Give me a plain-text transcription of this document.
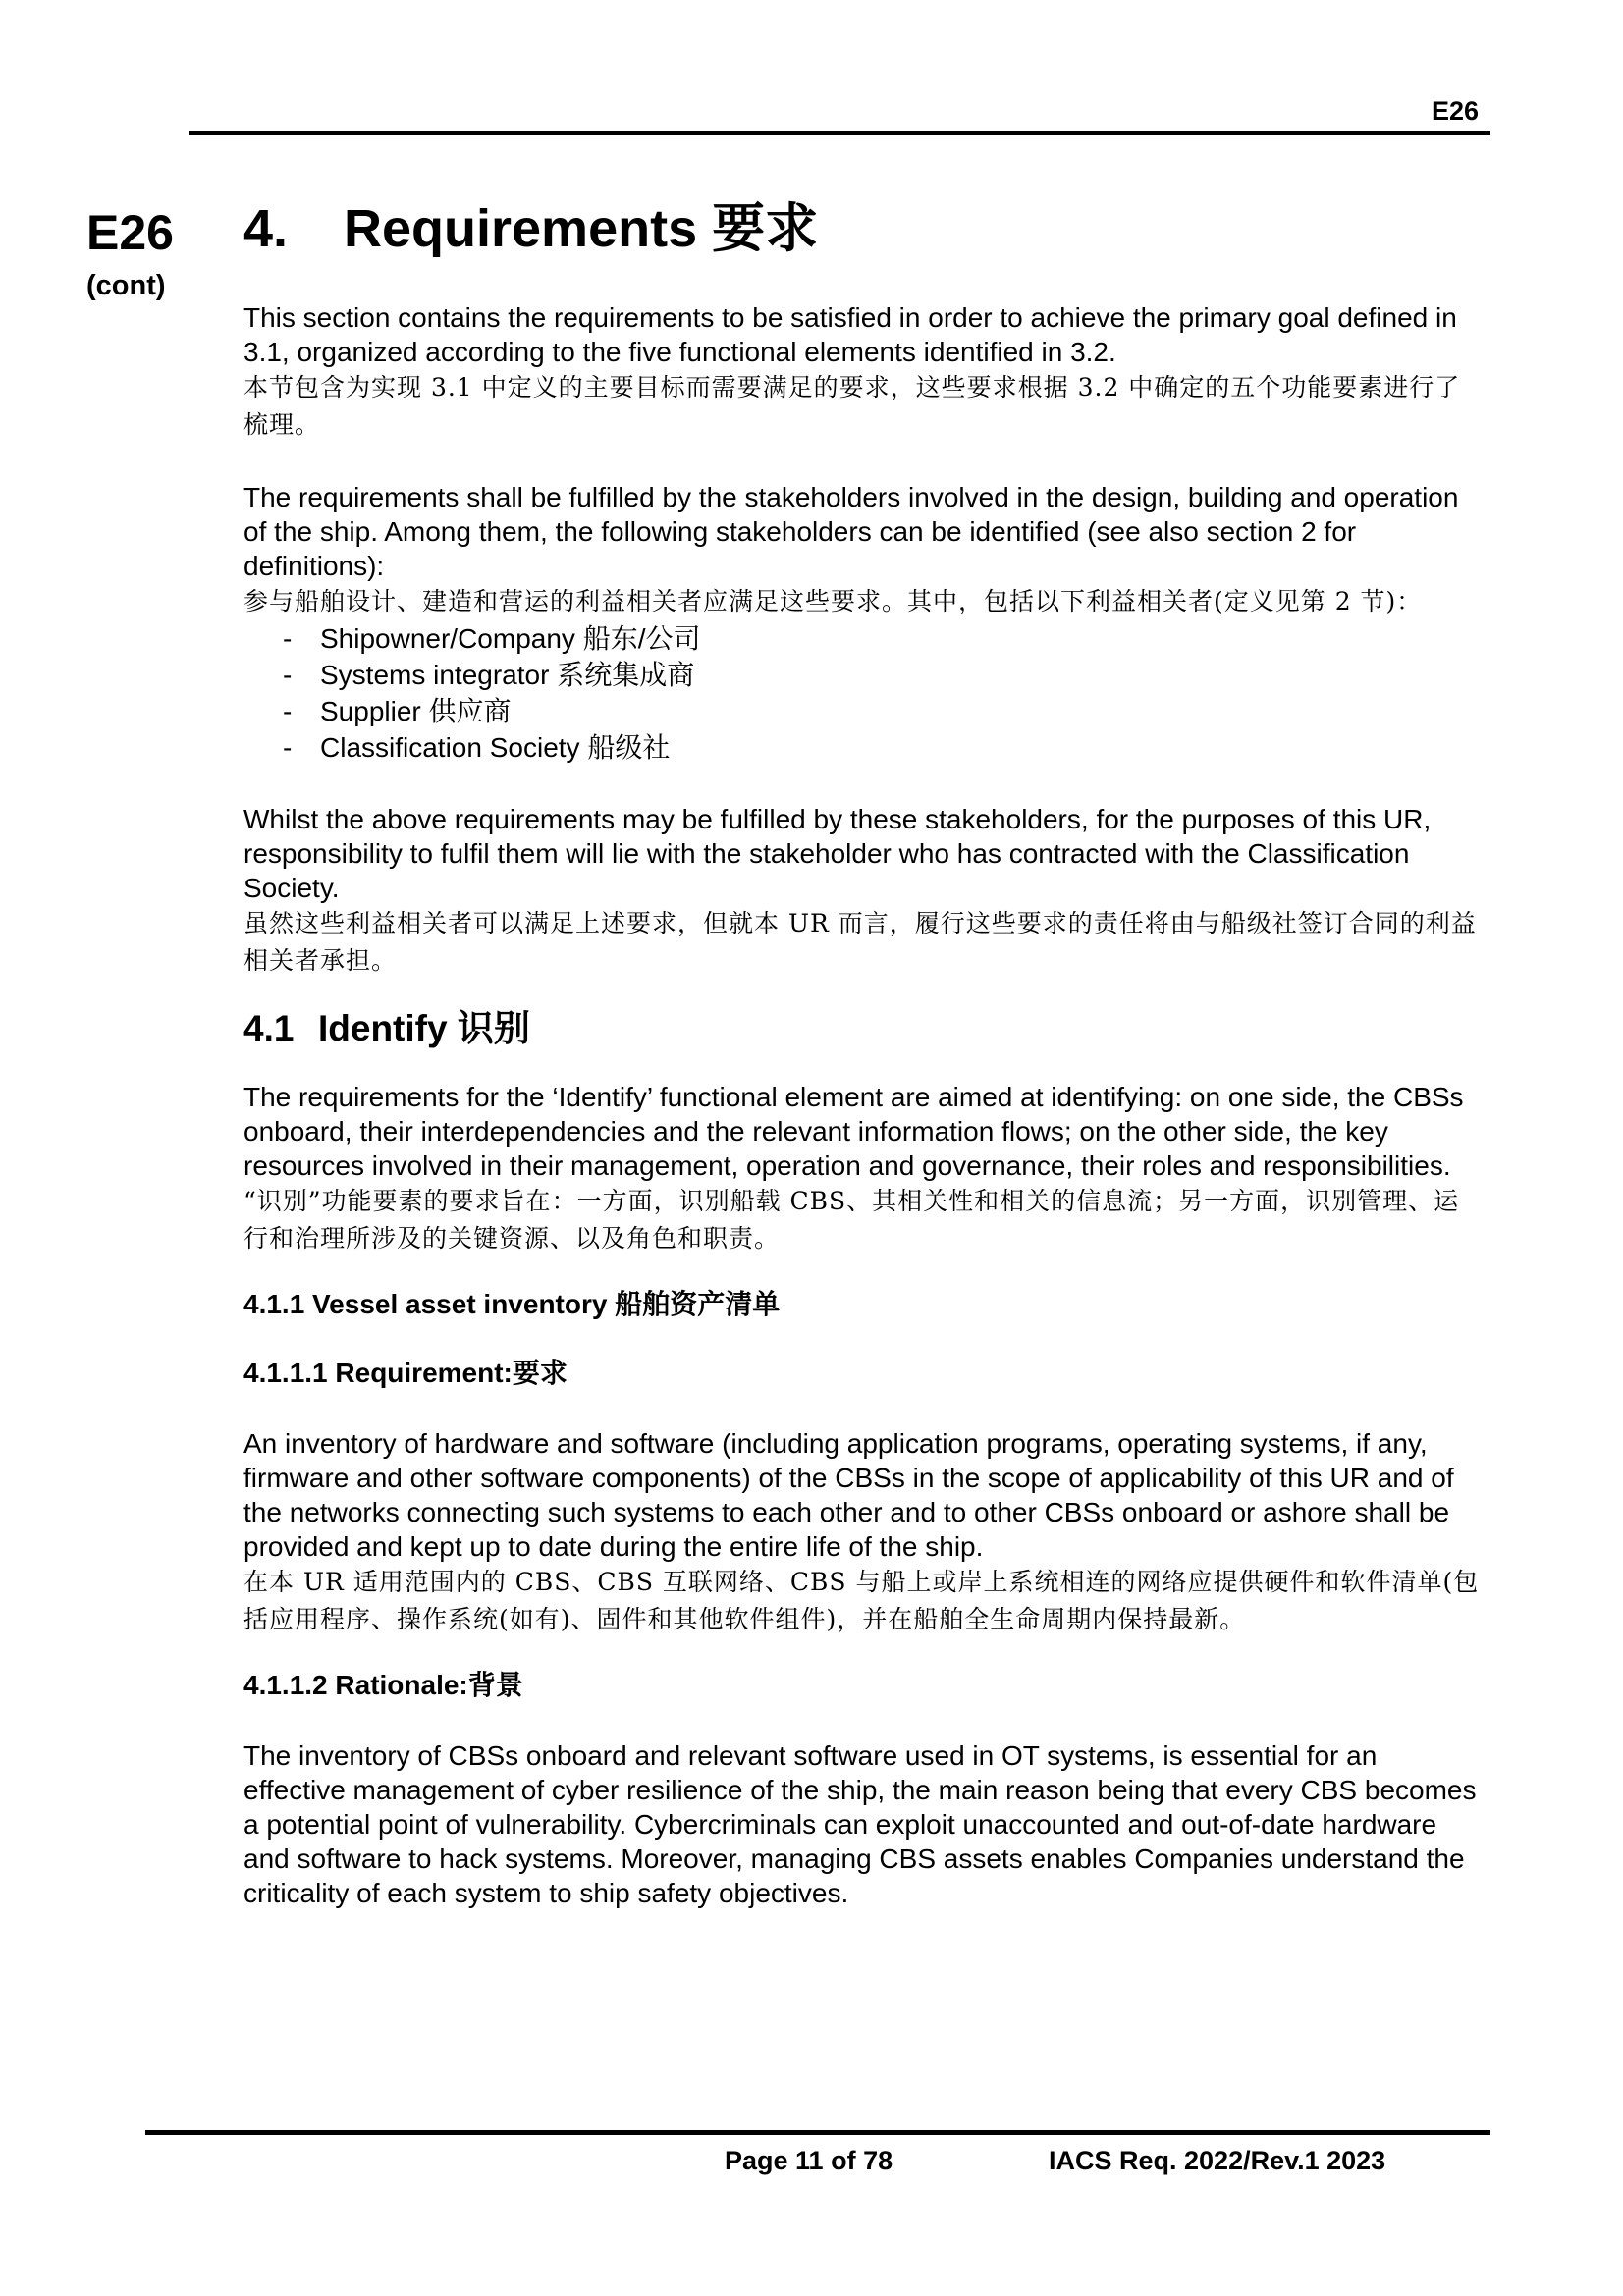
E26
E26
(cont)
4. Requirements 要求

This section contains the requirements to be satisfied in order to achieve the primary goal defined in 3.1, organized according to the five functional elements identified in 3.2.

本节包含为实现 3.1 中定义的主要目标而需要满足的要求，这些要求根据 3.2 中确定的五个功能要素进行了梳理。

The requirements shall be fulfilled by the stakeholders involved in the design, building and operation of the ship. Among them, the following stakeholders can be identified (see also section 2 for definitions):

参与船舶设计、建造和营运的利益相关者应满足这些要求。其中，包括以下利益相关者(定义见第 2 节)：

- Shipowner/Company 船东/公司
- Systems integrator 系统集成商
- Supplier 供应商
- Classification Society 船级社

Whilst the above requirements may be fulfilled by these stakeholders, for the purposes of this UR, responsibility to fulfil them will lie with the stakeholder who has contracted with the Classification Society.

虽然这些利益相关者可以满足上述要求，但就本 UR 而言，履行这些要求的责任将由与船级社签订合同的利益相关者承担。

4.1 Identify 识别

The requirements for the ‘Identify’ functional element are aimed at identifying: on one side, the CBSs onboard, their interdependencies and the relevant information flows; on the other side, the key resources involved in their management, operation and governance, their roles and responsibilities.

“识别”功能要素的要求旨在：一方面，识别船载 CBS、其相关性和相关的信息流；另一方面，识别管理、运行和治理所涉及的关键资源、以及角色和职责。

4.1.1 Vessel asset inventory 船舶资产清单
4.1.1.1 Requirement:要求

An inventory of hardware and software (including application programs, operating systems, if any, firmware and other software components) of the CBSs in the scope of applicability of this UR and of the networks connecting such systems to each other and to other CBSs onboard or ashore shall be provided and kept up to date during the entire life of the ship.

在本 UR 适用范围内的 CBS、CBS 互联网络、CBS 与船上或岸上系统相连的网络应提供硬件和软件清单(包括应用程序、操作系统(如有)、固件和其他软件组件)，并在船舶全生命周期内保持最新。

4.1.1.2 Rationale:背景

The inventory of CBSs onboard and relevant software used in OT systems, is essential for an effective management of cyber resilience of the ship, the main reason being that every CBS becomes a potential point of vulnerability. Cybercriminals can exploit unaccounted and out-of-date hardware and software to hack systems. Moreover, managing CBS assets enables Companies understand the criticality of each system to ship safety objectives.

Page 11 of 78	IACS Req. 2022/Rev.1 2023
